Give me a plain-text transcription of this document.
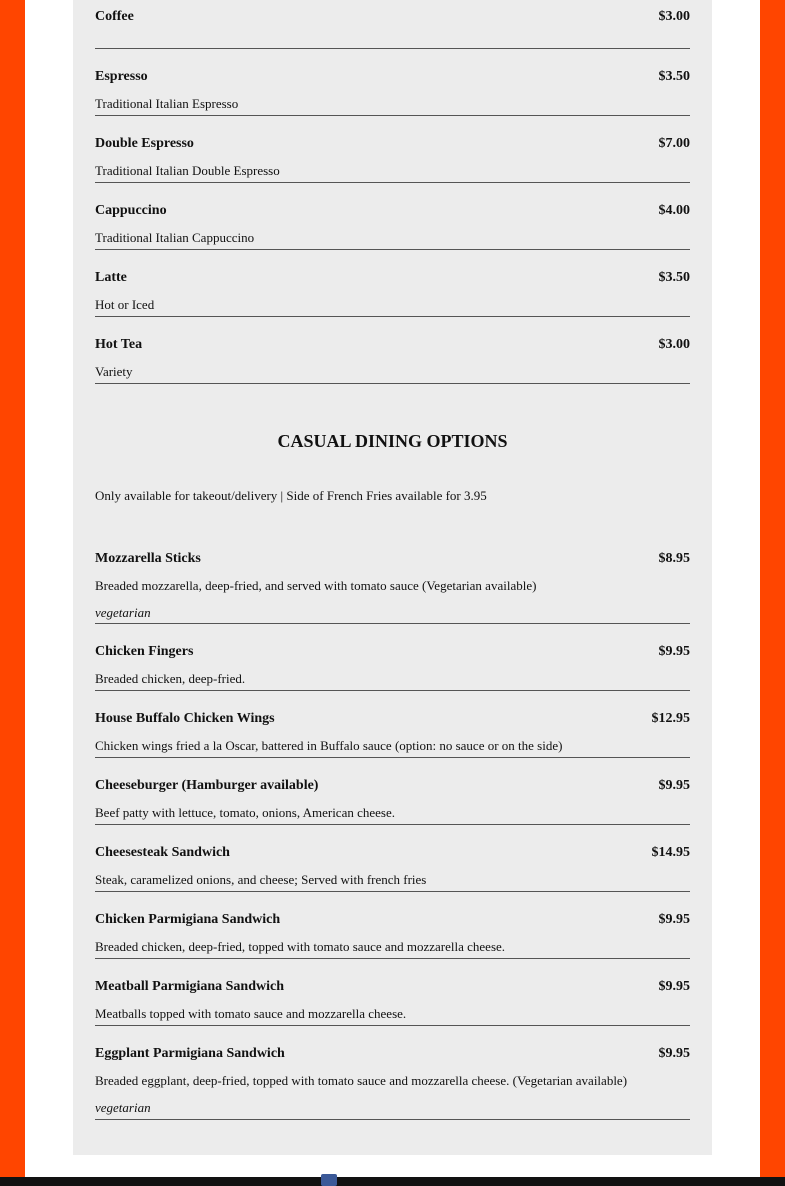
Coffee	$3.00
Espresso	$3.50
Traditional Italian Espresso
Double Espresso	$7.00
Traditional Italian Double Espresso
Cappuccino	$4.00
Traditional Italian Cappuccino
Latte	$3.50
Hot or Iced
Hot Tea	$3.00
Variety
CASUAL DINING OPTIONS
Only available for takeout/delivery | Side of French Fries available for 3.95
Mozzarella Sticks	$8.95
Breaded mozzarella, deep-fried, and served with tomato sauce (Vegetarian available)
vegetarian
Chicken Fingers	$9.95
Breaded chicken, deep-fried.
House Buffalo Chicken Wings	$12.95
Chicken wings fried a la Oscar, battered in Buffalo sauce (option: no sauce or on the side)
Cheeseburger (Hamburger available)	$9.95
Beef patty with lettuce, tomato, onions, American cheese.
Cheesesteak Sandwich	$14.95
Steak, caramelized onions, and cheese; Served with french fries
Chicken Parmigiana Sandwich	$9.95
Breaded chicken, deep-fried, topped with tomato sauce and mozzarella cheese.
Meatball Parmigiana Sandwich	$9.95
Meatballs topped with tomato sauce and mozzarella cheese.
Eggplant Parmigiana Sandwich	$9.95
Breaded eggplant, deep-fried, topped with tomato sauce and mozzarella cheese. (Vegetarian available)
vegetarian
